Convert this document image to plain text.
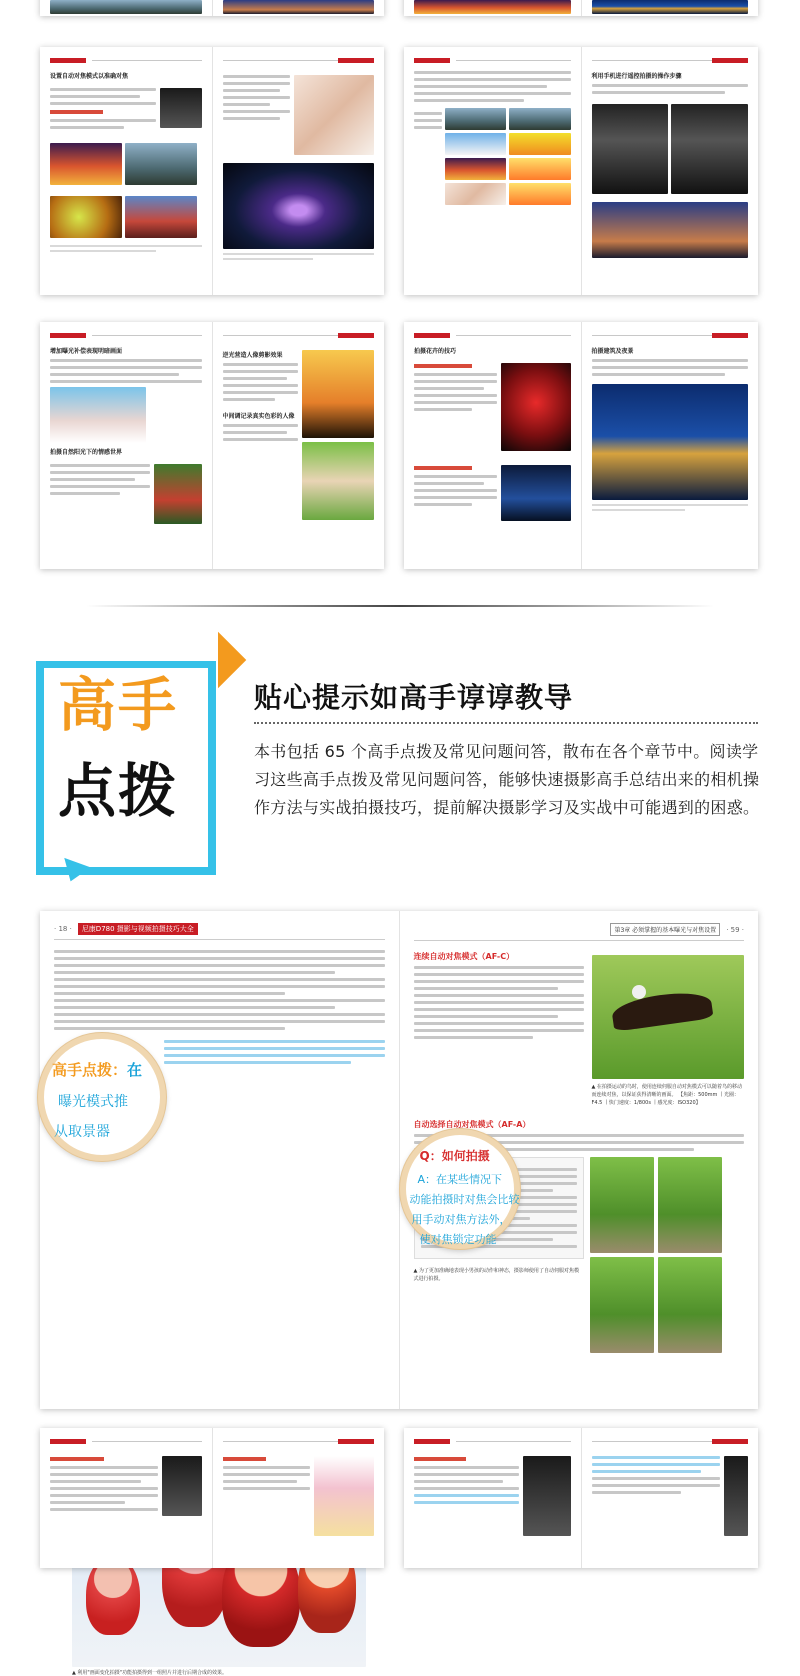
设置自动对焦模式以准确对焦	利用手机进行遥控拍摄的操作步骤
增加曝光补偿表现明暗画面
拍摄自然阳光下的情感世界
逆光营造人像剪影效果
中间调记录真实色彩的人像
拍摄花卉的技巧	拍摄建筑及夜景
高手
点拨
贴心提示如高手谆谆教导
本书包括 65 个高手点拨及常见问题问答，散布在各个章节中。阅读学习这些高手点拨及常见问题问答，能够快速摄影高手总结出来的相机操作方法与实战拍摄技巧，提前解决摄影学习及实战中可能遇到的困惑。
· 18 ·	尼康D780 摄影与视频拍摄技巧大全
▲ 利用"画面变化拍摄"功能拍摄得到一组照片并进行后期合成的效果。
高手点拨：在
曝光模式推
从取景器
第3章 必须掌握的基本曝光与对焦设置	· 59 ·
连续自动对焦模式（AF-C）
▲ 在拍摄运动的鸟时，使用连续伺服自动对焦模式可以随着鸟的移动而连续对焦，以保证获得清晰的画面。 【焦距：500mm 丨光圈：F4.5 丨快门速度：1/800s 丨感光度：ISO320】
自动选择自动对焦模式（AF-A）
▲ 为了更加准确地表现小男孩的动作和神态，摄影师使用了自动伺服对焦模式进行拍摄。
Q：如何拍摄
A：在某些情况下
动能拍摄时对焦会比较
用手动对焦方法外，
使对焦锁定功能
